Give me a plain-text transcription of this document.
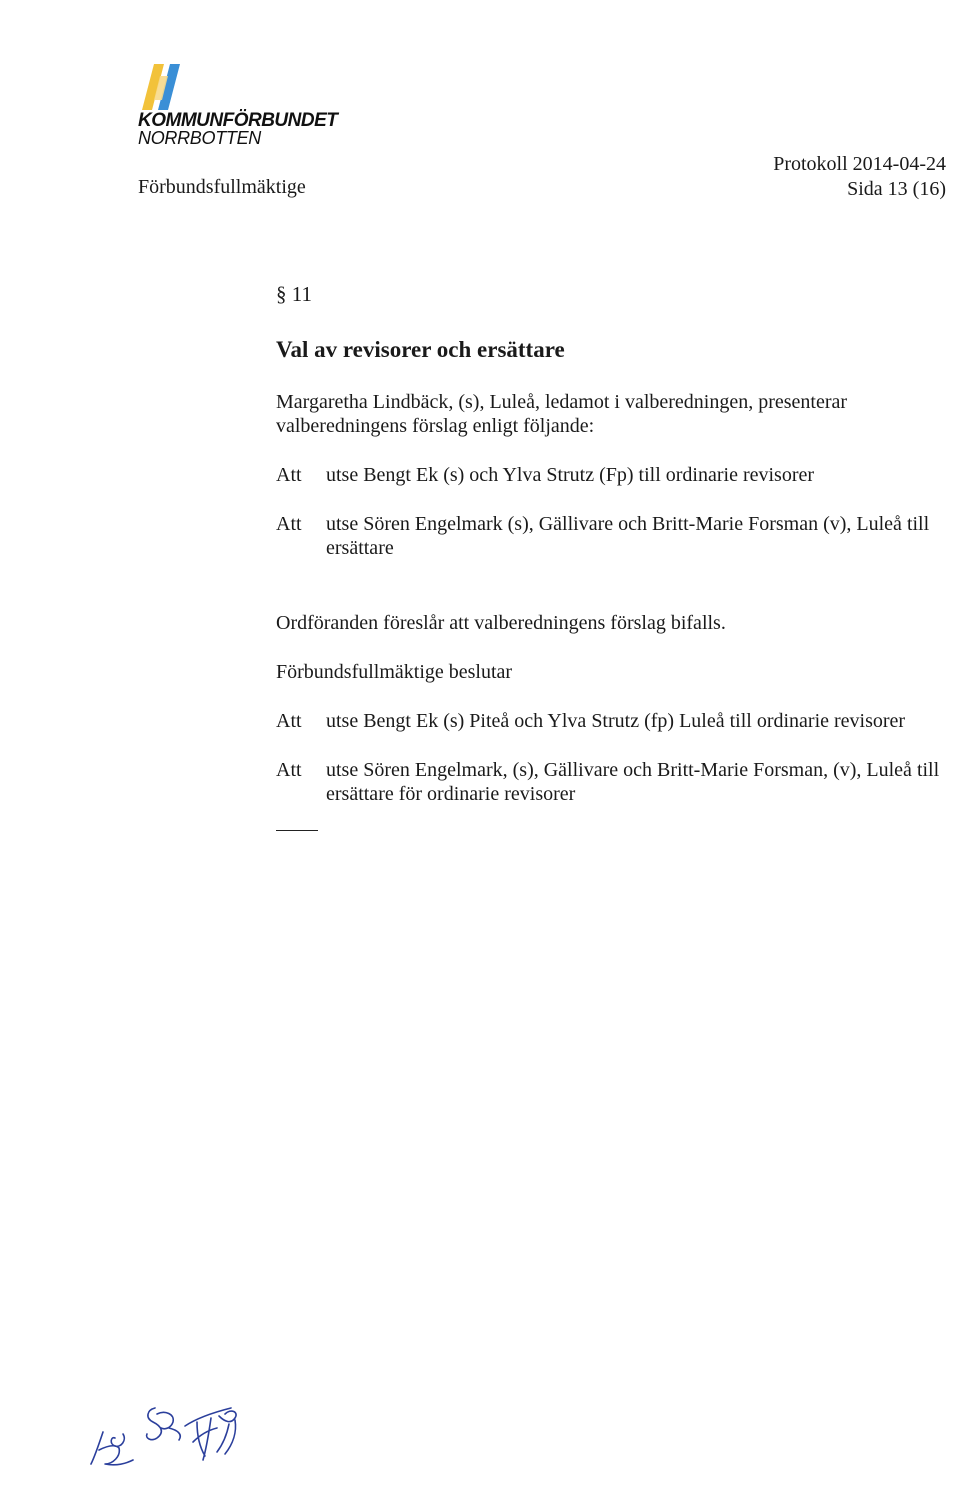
KOMMUNFÖRBUNDET
NORRBOTTEN
Förbundsfullmäktige
Protokoll 2014-04-24
Sida 13 (16)
§ 11
Val av revisorer och ersättare
Margaretha Lindbäck, (s), Luleå, ledamot i valberedningen, presenterar valberedningens förslag enligt följande:
Att	utse Bengt Ek (s) och Ylva Strutz (Fp) till ordinarie revisorer
Att	utse Sören Engelmark (s), Gällivare och Britt-Marie Forsman (v), Luleå till ersättare
Ordföranden föreslår att valberedningens förslag bifalls.
Förbundsfullmäktige beslutar
Att	utse Bengt Ek (s) Piteå och Ylva Strutz (fp) Luleå till ordinarie revisorer
Att	utse Sören Engelmark, (s), Gällivare och Britt-Marie Forsman, (v), Luleå till ersättare för ordinarie revisorer
